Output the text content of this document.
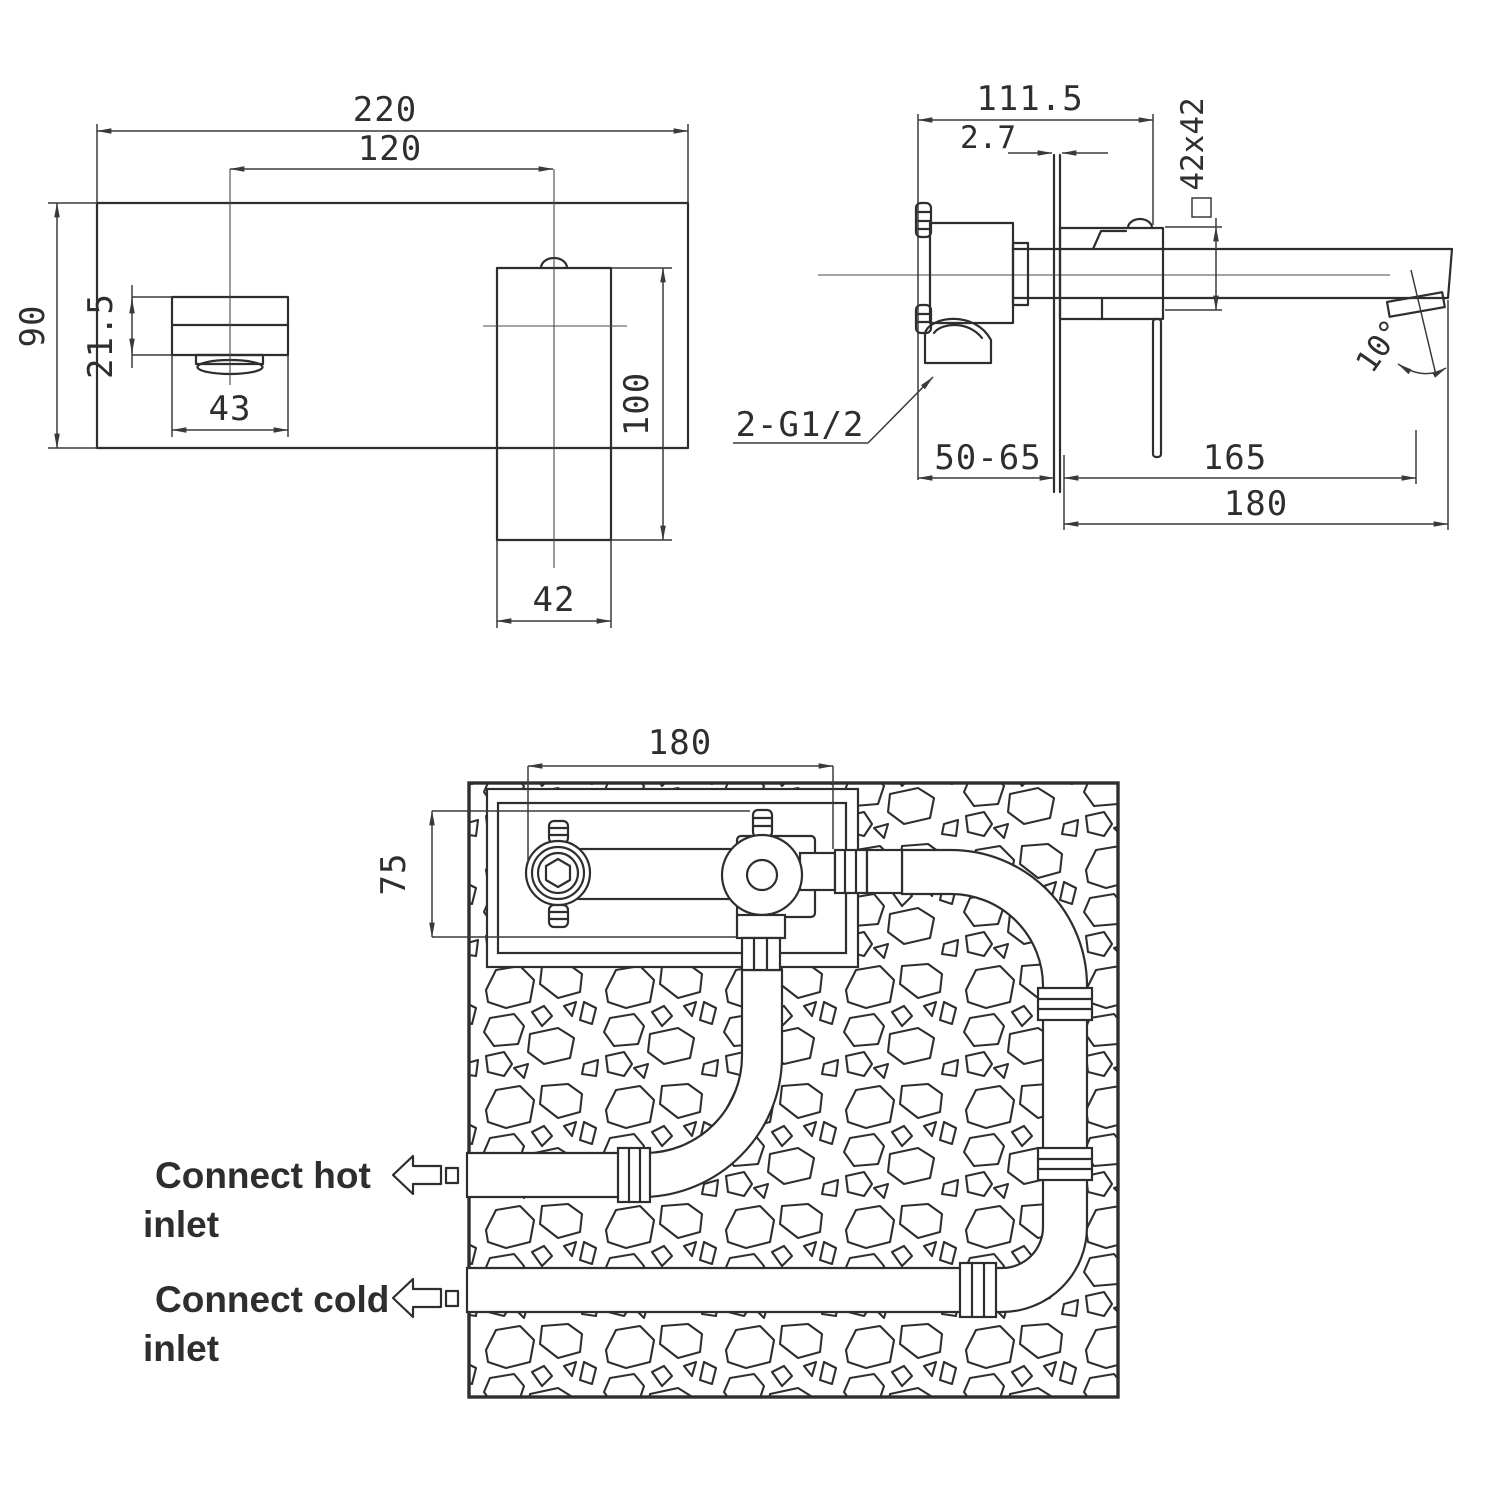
220
120
90 21.5
43	100
42
111.5
2.7	42x42
10°
50-65	165
180
2-G1/2
180
75
Connect hot
inlet
Connect cold
inlet
